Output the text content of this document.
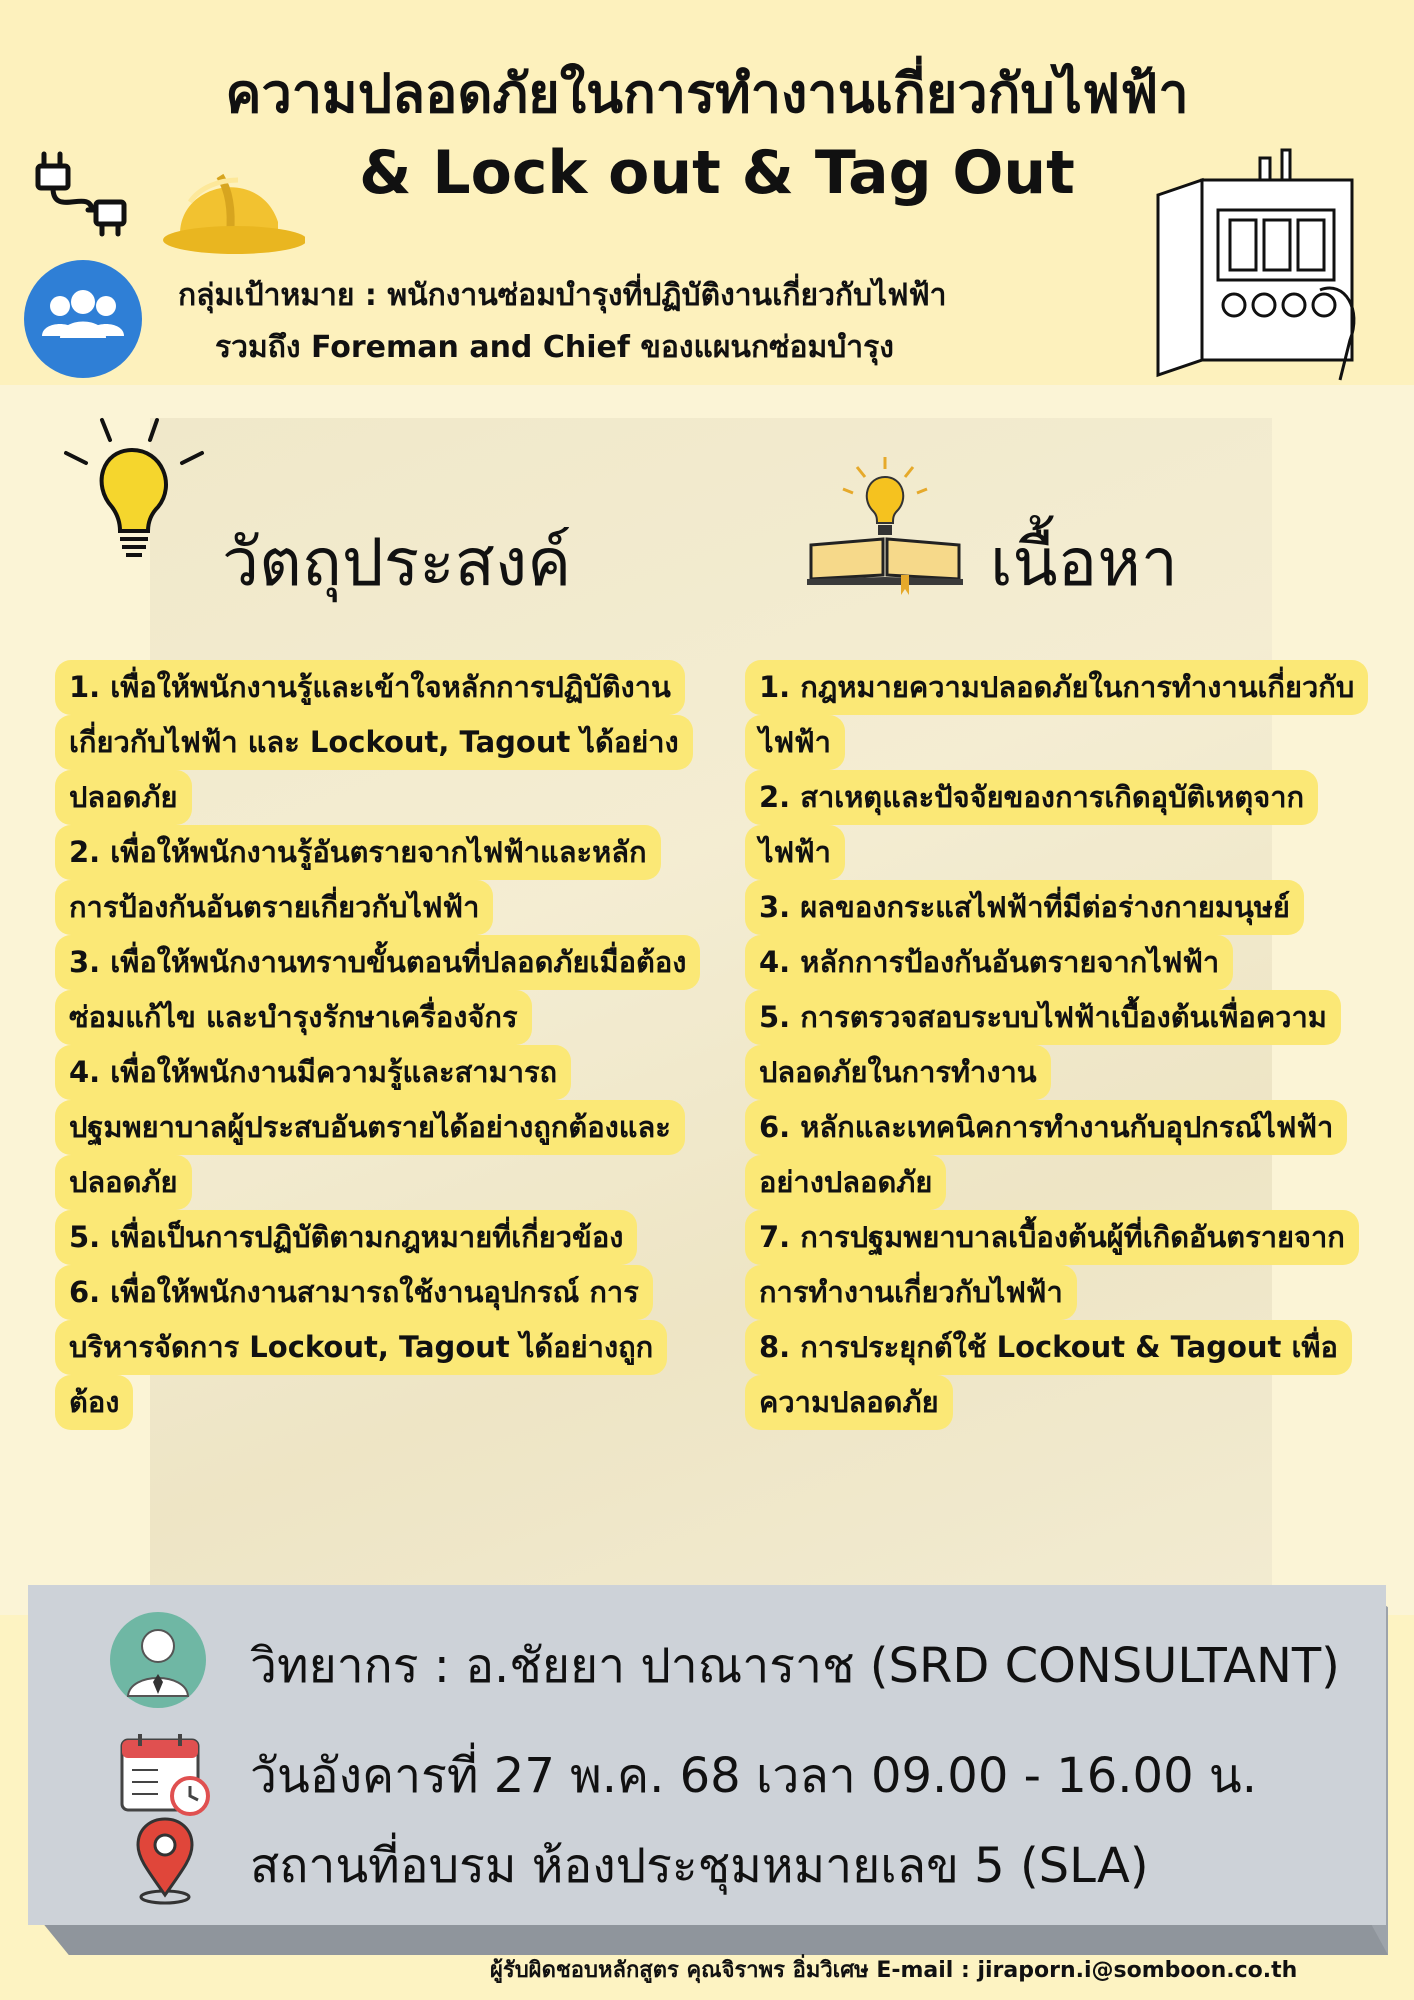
ความปลอดภัยในการทำงานเกี่ยวกับไฟฟ้า
& Lock out & Tag Out
กลุ่มเป้าหมาย : พนักงานซ่อมบำรุงที่ปฏิบัติงานเกี่ยวกับไฟฟ้า
รวมถึง Foreman and Chief ของแผนกซ่อมบำรุง
วัตถุประสงค์	เนื้อหา
1. เพื่อให้พนักงานรู้และเข้าใจหลักการปฏิบัติงาน
เกี่ยวกับไฟฟ้า และ Lockout, Tagout ได้อย่าง
ปลอดภัย
2. เพื่อให้พนักงานรู้อันตรายจากไฟฟ้าและหลัก
การป้องกันอันตรายเกี่ยวกับไฟฟ้า
3. เพื่อให้พนักงานทราบขั้นตอนที่ปลอดภัยเมื่อต้อง
ซ่อมแก้ไข และบำรุงรักษาเครื่องจักร
4. เพื่อให้พนักงานมีความรู้และสามารถ
ปฐมพยาบาลผู้ประสบอันตรายได้อย่างถูกต้องและ
ปลอดภัย
5. เพื่อเป็นการปฏิบัติตามกฎหมายที่เกี่ยวข้อง
6. เพื่อให้พนักงานสามารถใช้งานอุปกรณ์ การ
บริหารจัดการ Lockout, Tagout ได้อย่างถูก
ต้อง
1. กฎหมายความปลอดภัยในการทำงานเกี่ยวกับ
ไฟฟ้า
2. สาเหตุและปัจจัยของการเกิดอุบัติเหตุจาก
ไฟฟ้า
3. ผลของกระแสไฟฟ้าที่มีต่อร่างกายมนุษย์
4. หลักการป้องกันอันตรายจากไฟฟ้า
5. การตรวจสอบระบบไฟฟ้าเบื้องต้นเพื่อความ
ปลอดภัยในการทำงาน
6. หลักและเทคนิคการทำงานกับอุปกรณ์ไฟฟ้า
อย่างปลอดภัย
7. การปฐมพยาบาลเบื้องต้นผู้ที่เกิดอันตรายจาก
การทำงานเกี่ยวกับไฟฟ้า
8. การประยุกต์ใช้ Lockout & Tagout เพื่อ
ความปลอดภัย
วิทยากร : อ.ชัยยา ปาณาราช (SRD CONSULTANT)
วันอังคารที่ 27 พ.ค. 68 เวลา 09.00 - 16.00 น.
สถานที่อบรม ห้องประชุมหมายเลข 5 (SLA)
ผู้รับผิดชอบหลักสูตร คุณจิราพร อิ่มวิเศษ E-mail : jiraporn.i@somboon.co.th
